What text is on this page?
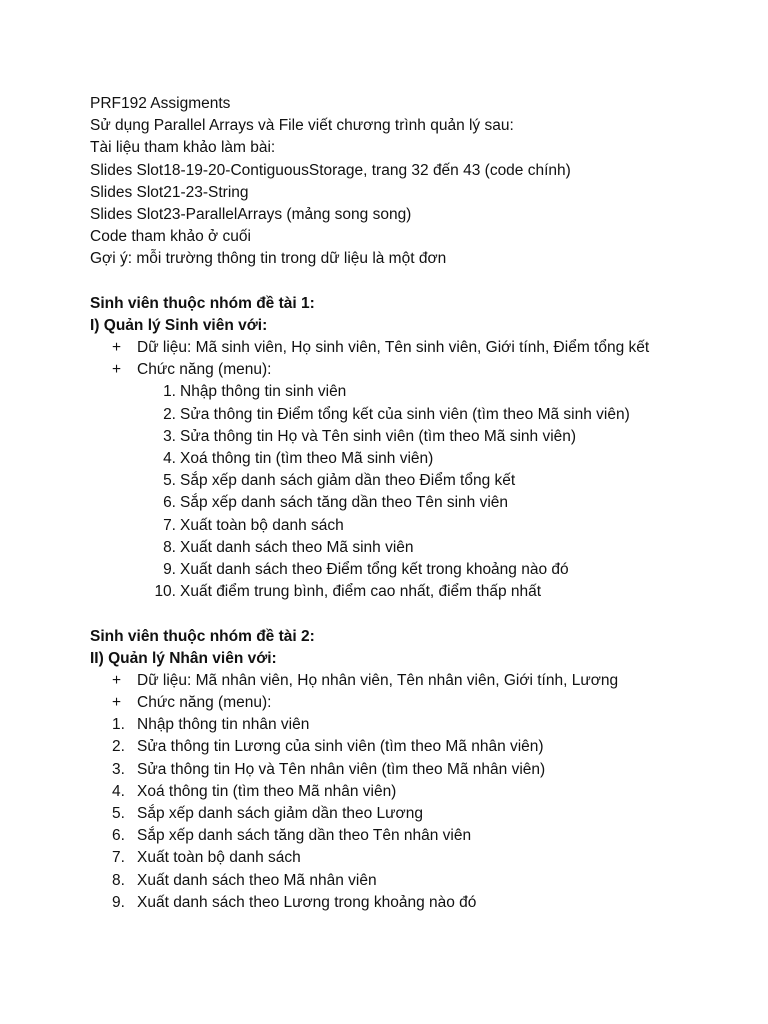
PRF192 Assigments
Sử dụng Parallel Arrays và File viết chương trình quản lý sau:
Tài liệu tham khảo làm bài:
Slides Slot18-19-20-ContiguousStorage, trang 32 đến 43 (code chính)
Slides Slot21-23-String
Slides Slot23-ParallelArrays (mảng song song)
Code tham khảo ở cuối
Gợi ý: mỗi trường thông tin trong dữ liệu là một đơn
Sinh viên thuộc nhóm đề tài 1:
I) Quản lý Sinh viên với:
+ Dữ liệu: Mã sinh viên, Họ sinh viên, Tên sinh viên, Giới tính, Điểm tổng kết
+ Chức năng (menu):
1. Nhập thông tin sinh viên
2. Sửa thông tin Điểm tổng kết của sinh viên (tìm theo Mã sinh viên)
3. Sửa thông tin Họ và Tên sinh viên (tìm theo Mã sinh viên)
4. Xoá thông tin (tìm theo Mã sinh viên)
5. Sắp xếp danh sách giảm dần theo Điểm tổng kết
6. Sắp xếp danh sách tăng dần theo Tên sinh viên
7. Xuất toàn bộ danh sách
8. Xuất danh sách theo Mã sinh viên
9. Xuất danh sách theo Điểm tổng kết trong khoảng nào đó
10. Xuất điểm trung bình, điểm cao nhất, điểm thấp nhất
Sinh viên thuộc nhóm đề tài 2:
II) Quản lý Nhân viên với:
+ Dữ liệu: Mã nhân viên, Họ nhân viên, Tên nhân viên, Giới tính, Lương
+ Chức năng (menu):
1. Nhập thông tin nhân viên
2. Sửa thông tin Lương của sinh viên (tìm theo Mã nhân viên)
3. Sửa thông tin Họ và Tên nhân viên (tìm theo Mã nhân viên)
4. Xoá thông tin (tìm theo Mã nhân viên)
5. Sắp xếp danh sách giảm dần theo Lương
6. Sắp xếp danh sách tăng dần theo Tên nhân viên
7. Xuất toàn bộ danh sách
8. Xuất danh sách theo Mã nhân viên
9. Xuất danh sách theo Lương trong khoảng nào đó
